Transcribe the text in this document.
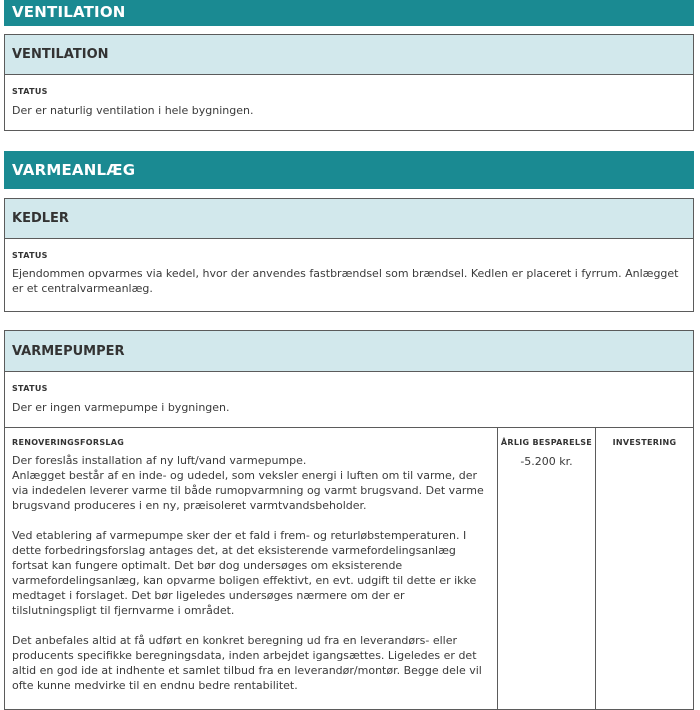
VENTILATION
VENTILATION
STATUS
Der er naturlig ventilation i hele bygningen.
VARMEANLÆG
KEDLER
STATUS
Ejendommen opvarmes via kedel, hvor der anvendes fastbrændsel som brændsel. Kedlen er placeret i fyrrum. Anlægget
er et centralvarmeanlæg.
VARMEPUMPER
STATUS
Der er ingen varmepumpe i bygningen.
RENOVERINGSFORSLAG
Der foreslås installation af ny luft/vand varmepumpe.
Anlægget består af en inde- og udedel, som veksler energi i luften om til varme, der
via indedelen leverer varme til både rumopvarmning og varmt brugsvand. Det varme
brugsvand produceres i en ny, præisoleret varmtvandsbeholder.
Ved etablering af varmepumpe sker der et fald i frem- og returløbstemperaturen. I
dette forbedringsforslag antages det, at det eksisterende varmefordelingsanlæg
fortsat kan fungere optimalt. Det bør dog undersøges om eksisterende
varmefordelingsanlæg, kan opvarme boligen effektivt, en evt. udgift til dette er ikke
medtaget i forslaget. Det bør ligeledes undersøges nærmere om der er
tilslutningspligt til fjernvarme i området.
Det anbefales altid at få udført en konkret beregning ud fra en leverandørs- eller
producents specifikke beregningsdata, inden arbejdet igangsættes. Ligeledes er det
altid en god ide at indhente et samlet tilbud fra en leverandør/montør. Begge dele vil
ofte kunne medvirke til en endnu bedre rentabilitet.
ÅRLIG BESPARELSE
-5.200 kr.
INVESTERING
